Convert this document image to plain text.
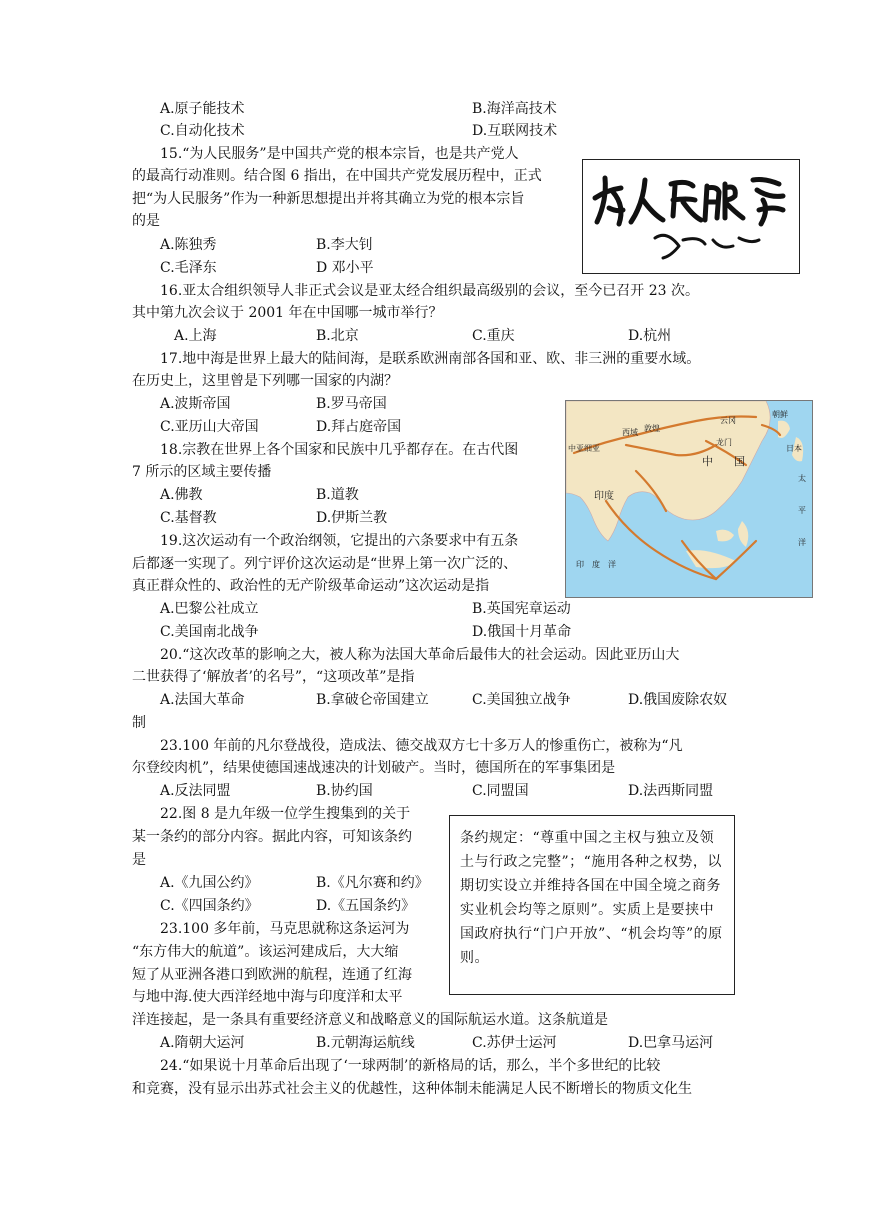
A.原子能技术	B.海洋高技术
C.自动化技术	D.互联网技术
15.“为人民服务”是中国共产党的根本宗旨，也是共产党人
的最高行动准则。结合图 6 指出，在中国共产党发展历程中，正式
把“为人民服务”作为一种新思想提出并将其确立为党的根本宗旨
的是
A.陈独秀	B.李大钊
C.毛泽东	D 邓小平
16.亚太合组织领导人非正式会议是亚太经合组织最高级别的会议，至今已召开 23 次。
其中第九次会议于 2001 年在中国哪一城市举行？
A.上海	B.北京	C.重庆	D.杭州
17.地中海是世界上最大的陆间海，是联系欧洲南部各国和亚、欧、非三洲的重要水域。
在历史上，这里曾是下列哪一国家的内湖？
A.波斯帝国	B.罗马帝国
C.亚历山大帝国	D.拜占庭帝国
18.宗教在世界上各个国家和民族中几乎都存在。在古代图
7 所示的区域主要传播
A.佛教	B.道教
C.基督教	D.伊斯兰教
19.这次运动有一个政治纲领，它提出的六条要求中有五条
后都逐一实现了。列宁评价这次运动是“世界上第一次广泛的、
真正群众性的、政治性的无产阶级革命运动”这次运动是指
A.巴黎公社成立	B.英国宪章运动
C.美国南北战争	D.俄国十月革命
20.“这次改革的影响之大，被人称为法国大革命后最伟大的社会运动。因此亚历山大
二世获得了‘解放者’的名号”，“这项改革”是指
A.法国大革命	B.拿破仑帝国建立	C.美国独立战争	D.俄国废除农奴
制
23.100 年前的凡尔登战役，造成法、德交战双方七十多万人的惨重伤亡，被称为“凡
尔登绞肉机”，结果使德国速战速决的计划破产。当时，德国所在的军事集团是
A.反法同盟	B.协约国	C.同盟国	D.法西斯同盟
22.图 8 是九年级一位学生搜集到的关于
某一条约的部分内容。据此内容，可知该条约
是
A.《九国公约》	B.《凡尔赛和约》
C.《四国条约》	D.《五国条约》
23.100 多年前，马克思就称这条运河为
“东方伟大的航道”。该运河建成后，大大缩
短了从亚洲各港口到欧洲的航程，连通了红海
与地中海.使大西洋经地中海与印度洋和太平
洋连接起，是一条具有重要经济意义和战略意义的国际航运水道。这条航道是
A.隋朝大运河	B.元朝海运航线	C.苏伊士运河	D.巴拿马运河
24.“如果说十月革命后出现了‘一球两制’的新格局的话，那么，半个多世纪的比较
和竞赛，没有显示出苏式社会主义的优越性，这种体制未能满足人民不断增长的物质文化生
中亚细亚
西域 敦煌
云冈
朝鲜
龙门
中 国
日本
太
平
洋
印度
印 度 洋
条约规定：“尊重中国之主权与独立及领土与行政之完整”；“施用各种之权势，以期切实设立并维持各国在中国全境之商务实业机会均等之原则”。实质上是要挟中国政府执行“门户开放”、“机会均等”的原则。
